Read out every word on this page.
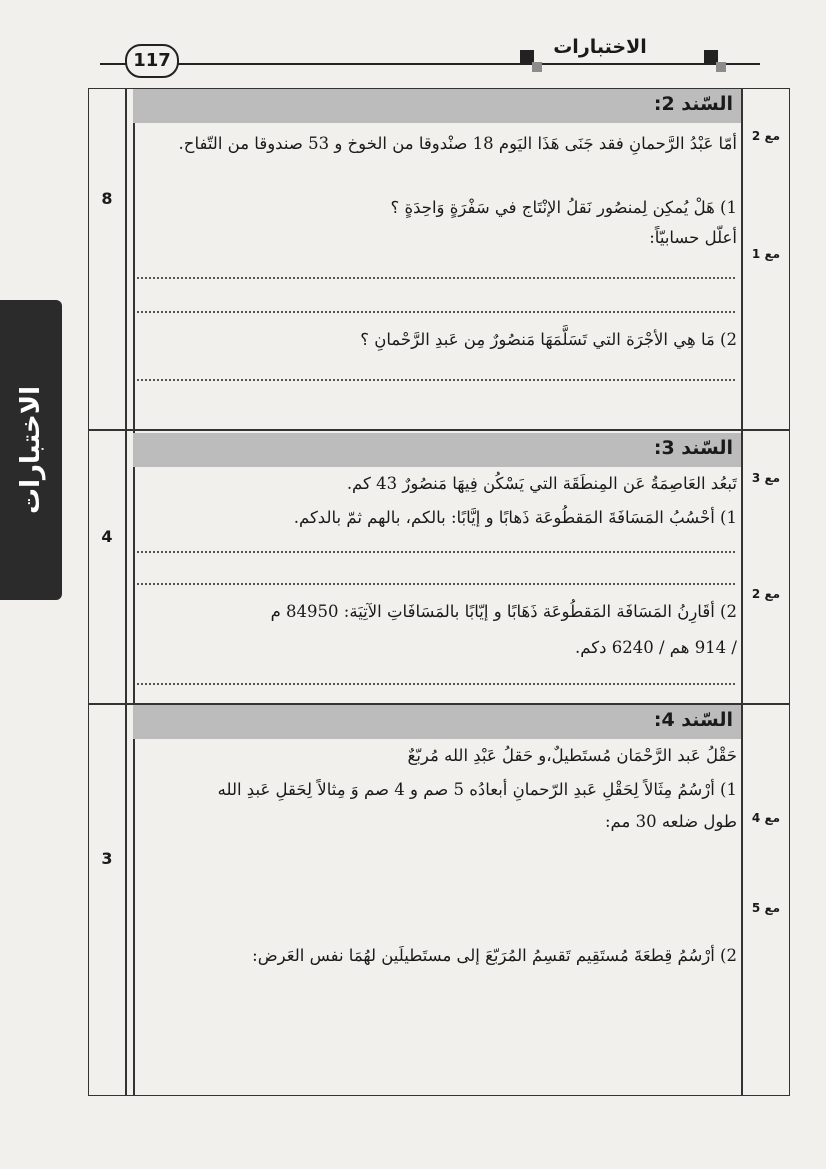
الاختبارات
117
الاختبارات
السّند 2:
8
مع 2
مع 1
أمّا عَبْدُ الرَّحمانِ فقد جَنَى هَذَا اليَوم 18 صنْدوقا من الخوخ و 53 صندوقا من التّفاح.
1) هَلْ يُمكِن لِمنصُور نَقلُ الإنْتَاج في سَفْرَةٍ وَاحِدَةٍ ؟
أعلّل حسابيّاً:
2) مَا هِي الأجْرَة التي تَسَلَّمَهَا مَنصُورٌ مِن عَبدِ الرَّحْمانِ ؟
السّند 3:
4
مع 3
مع 2
تَبعُد العَاصِمَةُ عَن المِنطَقَة التي يَسْكُن فِيهَا مَنصُورٌ 43 كم.
1) أحْسُبُ المَسَافَةَ المَقطُوعَة ذَهابًا و إيَّابًا: بالكم، بالهم ثمّ بالدكم.
2) أقَارِنُ المَسَافَة المَقطُوعَة ذَهَابًا و إيّابًا بالمَسَافَاتِ الآتِيَة: 84950 م
/ 914 هم / 6240 دكم.
السّند 4:
3
مع 4
مع 5
حَقْلُ عَبد الرَّحْمَان مُستَطيلٌ،و حَقلُ عَبْدِ الله مُربّعٌ
1) أرْسُمُ مِثَالاً لِحَقْلِ عَبدِ الرّحمانِ أبعادُه 5 صم و 4 صم وَ مِثالاً لِحَقلِ عَبدِ الله
طول ضلعه 30 مم:
2) أرْسُمُ قِطعَةَ مُستَقِيم تَقسِمُ المُرَبّعَ إلى مستَطيلَين لهُمَا نفس العَرض:
